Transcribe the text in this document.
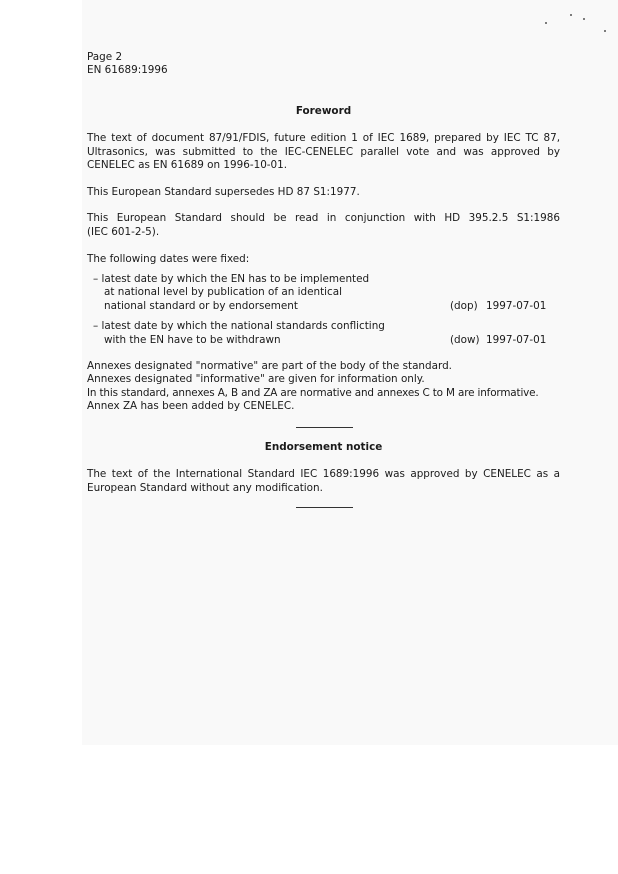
Page 2
EN 61689:1996
Foreword
The text of document 87/91/FDIS, future edition 1 of IEC 1689, prepared by IEC TC 87,
Ultrasonics, was submitted to the IEC-CENELEC parallel vote and was approved by
CENELEC as EN 61689 on 1996-10-01.
This European Standard supersedes HD 87 S1:1977.
This European Standard should be read in conjunction with HD 395.2.5 S1:1986
(IEC 601-2-5).
The following dates were fixed:
– latest date by which the EN has to be implemented
at national level by publication of an identical
national standard or by endorsement	(dop) 1997-07-01
– latest date by which the national standards conflicting
with the EN have to be withdrawn	(dow) 1997-07-01
Annexes designated "normative" are part of the body of the standard.
Annexes designated "informative" are given for information only.
In this standard, annexes A, B and ZA are normative and annexes C to M are informative.
Annex ZA has been added by CENELEC.
Endorsement notice
The text of the International Standard IEC 1689:1996 was approved by CENELEC as a
European Standard without any modification.
